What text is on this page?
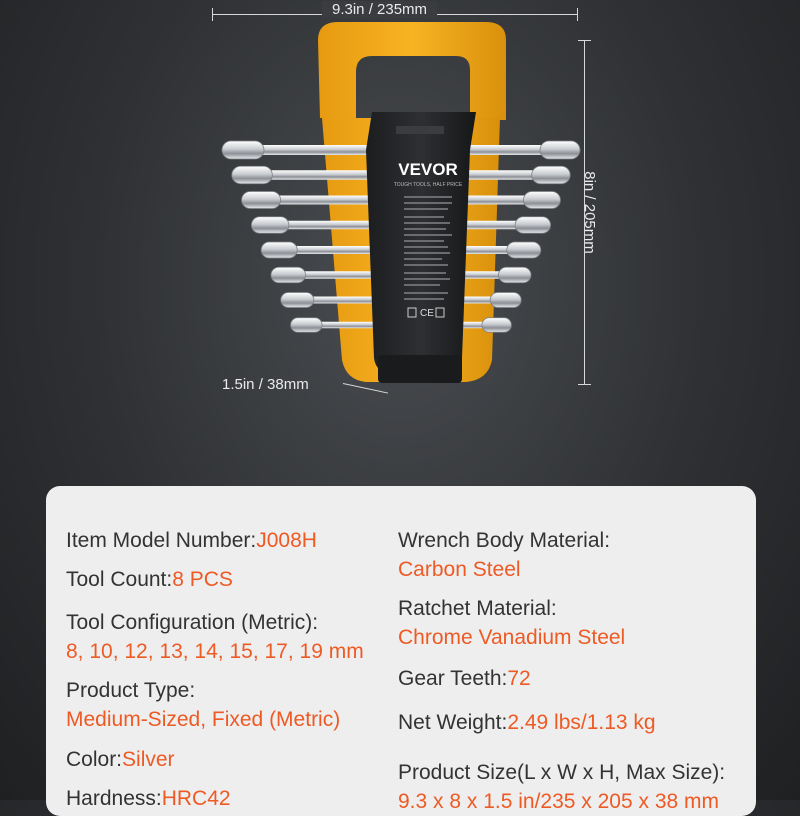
9.3in / 235mm
8in / 205mm
1.5in / 38mm
VEVOR
TOUGH TOOLS, HALF PRICE
CE
Item Model Number:J008H
Tool Count:8 PCS
Tool Configuration (Metric):
8, 10, 12, 13, 14, 15, 17, 19 mm
Product Type:
Medium-Sized, Fixed (Metric)
Color:Silver
Hardness:HRC42
Wrench Body Material:
Carbon Steel
Ratchet Material:
Chrome Vanadium Steel
Gear Teeth:72
Net Weight:2.49 lbs/1.13 kg
Product Size(L x W x H, Max Size):
9.3 x 8 x 1.5 in/235 x 205 x 38 mm
